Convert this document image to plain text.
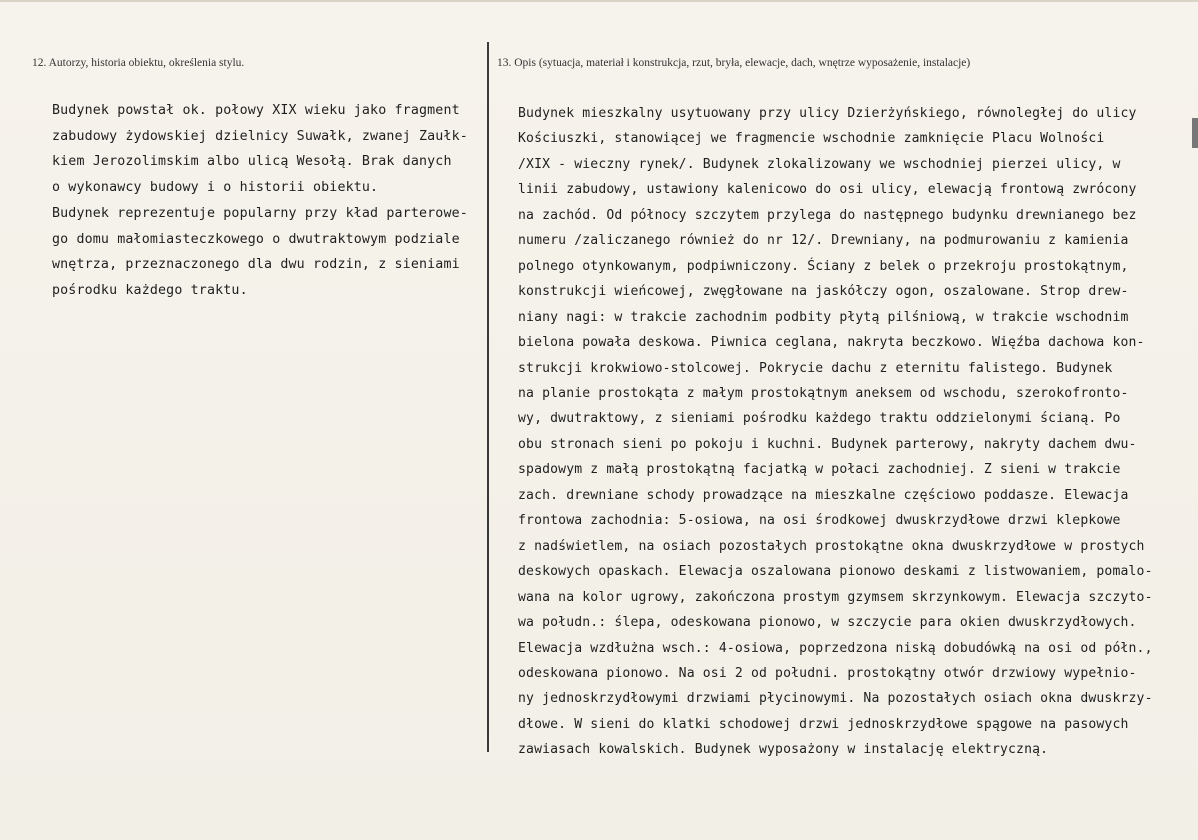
12. Autorzy, historia obiektu, określenia stylu.	13. Opis (sytuacja, materiał i konstrukcja, rzut, bryła, elewacje, dach, wnętrze wyposażenie, instalacje)
Budynek powstał ok. połowy XIX wieku jako fragment
zabudowy żydowskiej dzielnicy Suwałk, zwanej Zaułk-
kiem Jerozolimskim albo ulicą Wesołą. Brak danych
o wykonawcy budowy i o historii obiektu.
Budynek reprezentuje popularny przy kład parterowe-
go domu małomiasteczkowego o dwutraktowym podziale
wnętrza, przeznaczonego dla dwu rodzin, z sieniami
pośrodku każdego traktu.
Budynek mieszkalny usytuowany przy ulicy Dzierżyńskiego, równoległej do ulicy
Kościuszki, stanowiącej we fragmencie wschodnie zamknięcie Placu Wolności
/XIX - wieczny rynek/. Budynek zlokalizowany we wschodniej pierzei ulicy, w
linii zabudowy, ustawiony kalenicowo do osi ulicy, elewacją frontową zwrócony
na zachód. Od północy szczytem przylega do następnego budynku drewnianego bez
numeru /zaliczanego również do nr 12/. Drewniany, na podmurowaniu z kamienia
polnego otynkowanym, podpiwniczony. Ściany z belek o przekroju prostokątnym,
konstrukcji wieńcowej, zwęgłowane na jaskółczy ogon, oszalowane. Strop drew-
niany nagi: w trakcie zachodnim podbity płytą pilśniową, w trakcie wschodnim
bielona powała deskowa. Piwnica ceglana, nakryta beczkowo. Więźba dachowa kon-
strukcji krokwiowo-stolcowej. Pokrycie dachu z eternitu falistego. Budynek
na planie prostokąta z małym prostokątnym aneksem od wschodu, szerokofronto-
wy, dwutraktowy, z sieniami pośrodku każdego traktu oddzielonymi ścianą. Po
obu stronach sieni po pokoju i kuchni. Budynek parterowy, nakryty dachem dwu-
spadowym z małą prostokątną facjatką w połaci zachodniej. Z sieni w trakcie
zach. drewniane schody prowadzące na mieszkalne częściowo poddasze. Elewacja
frontowa zachodnia: 5-osiowa, na osi środkowej dwuskrzydłowe drzwi klepkowe
z nadświetlem, na osiach pozostałych prostokątne okna dwuskrzydłowe w prostych
deskowych opaskach. Elewacja oszalowana pionowo deskami z listwowaniem, pomalo-
wana na kolor ugrowy, zakończona prostym gzymsem skrzynkowym. Elewacja szczyto-
wa połudn.: ślepa, odeskowana pionowo, w szczycie para okien dwuskrzydłowych.
Elewacja wzdłużna wsch.: 4-osiowa, poprzedzona niską dobudówką na osi od półn.,
odeskowana pionowo. Na osi 2 od południ. prostokątny otwór drzwiowy wypełnio-
ny jednoskrzydłowymi drzwiami płycinowymi. Na pozostałych osiach okna dwuskrzy-
dłowe. W sieni do klatki schodowej drzwi jednoskrzydłowe spągowe na pasowych
zawiasach kowalskich. Budynek wyposażony w instalację elektryczną.
